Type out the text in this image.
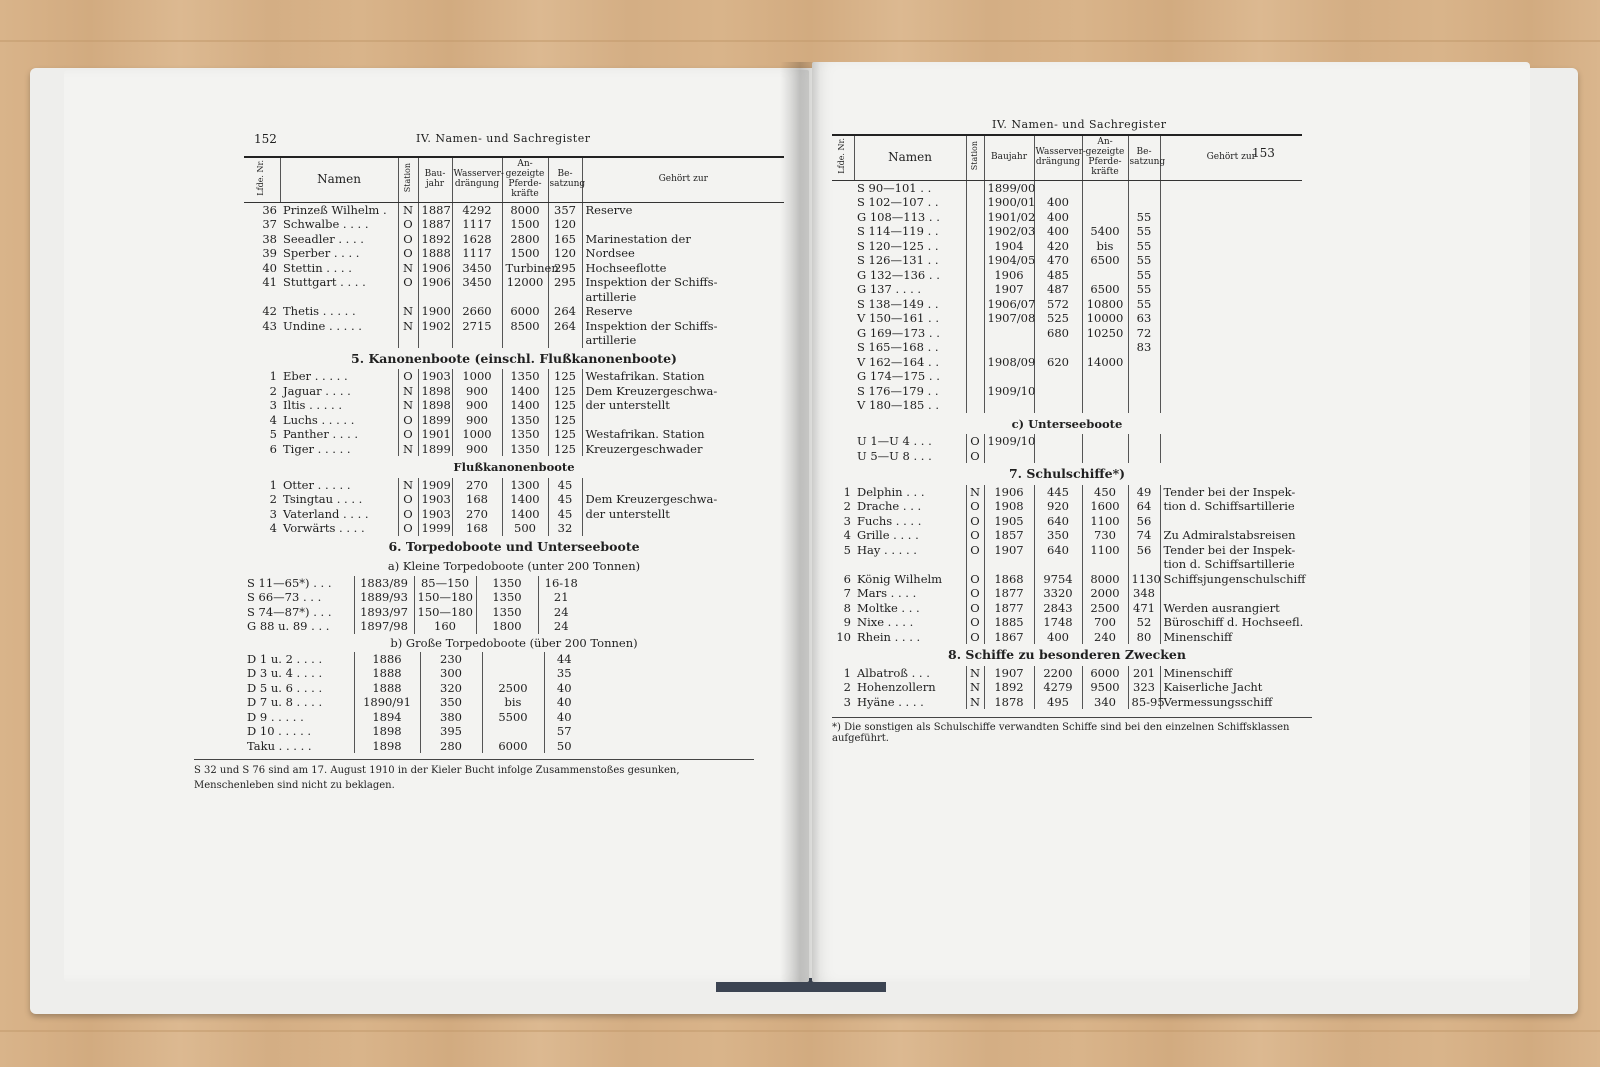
152	IV. Namen- und Sachregister
Lfde. Nr.	Namen	Station	Bau-jahr	Wasserver-drängung	An-gezeigte Pferde-kräfte	Be-satzung	Gehört zur
36	Prinzeß Wilhelm .	N	1887	4292	8000	357	Reserve
37	Schwalbe . . . .	O	1887	1117	1500	120	
38	Seeadler . . . .	O	1892	1628	2800	165	Marinestation der
39	Sperber . . . .	O	1888	1117	1500	120	Nordsee
40	Stettin . . . .	N	1906	3450	Turbinen	295	Hochseeflotte
41	Stuttgart . . . .	O	1906	3450	12000	295	Inspektion der Schiffs-
							artillerie
42	Thetis . . . . .	N	1900	2660	6000	264	Reserve
43	Undine . . . . .	N	1902	2715	8500	264	Inspektion der Schiffs-
							artillerie
5. Kanonenboote (einschl. Flußkanonenboote)							
1	Eber . . . . .	O	1903	1000	1350	125	Westafrikan. Station
2	Jaguar . . . .	N	1898	900	1400	125	Dem Kreuzergeschwa-
3	Iltis . . . . .	N	1898	900	1400	125	der unterstellt
4	Luchs . . . . .	O	1899	900	1350	125	
5	Panther . . . .	O	1901	1000	1350	125	Westafrikan. Station
6	Tiger . . . . .	N	1899	900	1350	125	Kreuzergeschwader
Flußkanonenboote							
1	Otter . . . . .	N	1909	270	1300	45	
2	Tsingtau . . . .	O	1903	168	1400	45	Dem Kreuzergeschwa-
3	Vaterland . . . .	O	1903	270	1400	45	der unterstellt
4	Vorwärts . . . .	O	1999	168	500	32	
6. Torpedoboote und Unterseeboote							
a) Kleine Torpedoboote (unter 200 Tonnen)							
S 11—65*) . . .	1883/89	85—150	1350	16-18
S 66—73 . . .	1889/93	150—180	1350	21
S 74—87*) . . .	1893/97	150—180	1350	24
G 88 u. 89 . . .	1897/98	160	1800	24
b) Große Torpedoboote (über 200 Tonnen)
D 1 u. 2 . . . .	1886	230		44
D 3 u. 4 . . . .	1888	300		35
D 5 u. 6 . . . .	1888	320	2500	40
D 7 u. 8 . . . .	1890/91	350	bis	40
D 9 . . . . .	1894	380	5500	40
D 10 . . . . .	1898	395		57
Taku . . . . .	1898	280	6000	50
S 32 und S 76 sind am 17. August 1910 in der Kieler Bucht infolge Zusammenstoßes gesunken, Menschenleben sind nicht zu beklagen.
IV. Namen- und Sachregister
153
Lfde. Nr.	Namen	Station	Baujahr	Wasserver-drängung	An-gezeigte Pferde-kräfte	Be-satzung	Gehört zur
	S 90—101 . .		1899/00				
	S 102—107 . .		1900/01	400			
	G 108—113 . .		1901/02	400		55	
	S 114—119 . .		1902/03	400	5400	55	
	S 120—125 . .		1904	420	bis	55	
	S 126—131 . .		1904/05	470	6500	55	
	G 132—136 . .		1906	485		55	
	G 137 . . . .		1907	487	6500	55	
	S 138—149 . .		1906/07	572	10800	55	
	V 150—161 . .		1907/08	525	10000	63	
	G 169—173 . .			680	10250	72	
	S 165—168 . .					83	
	V 162—164 . .		1908/09	620	14000		
	G 174—175 . .						
	S 176—179 . .		1909/10				
	V 180—185 . .						
c) Unterseeboote							
	U 1—U 4 . . .	O	1909/10				
	U 5—U 8 . . .	O					
7. Schulschiffe*)							
1	Delphin . . .	N	1906	445	450	49	Tender bei der Inspek-
2	Drache . . .	O	1908	920	1600	64	tion d. Schiffsartillerie
3	Fuchs . . . .	O	1905	640	1100	56	
4	Grille . . . .	O	1857	350	730	74	Zu Admiralstabsreisen
5	Hay . . . . .	O	1907	640	1100	56	Tender bei der Inspek-
							tion d. Schiffsartillerie
6	König Wilhelm	O	1868	9754	8000	1130	Schiffsjungenschulschiff
7	Mars . . . .	O	1877	3320	2000	348	
8	Moltke . . .	O	1877	2843	2500	471	Werden ausrangiert
9	Nixe . . . .	O	1885	1748	700	52	Büroschiff d. Hochseefl.
10	Rhein . . . .	O	1867	400	240	80	Minenschiff
8. Schiffe zu besonderen Zwecken							
1	Albatroß . . .	N	1907	2200	6000	201	Minenschiff
2	Hohenzollern	N	1892	4279	9500	323	Kaiserliche Jacht
3	Hyäne . . . .	N	1878	495	340	85-95	Vermessungsschiff
*) Die sonstigen als Schulschiffe verwandten Schiffe sind bei den einzelnen Schiffsklassen aufgeführt.
